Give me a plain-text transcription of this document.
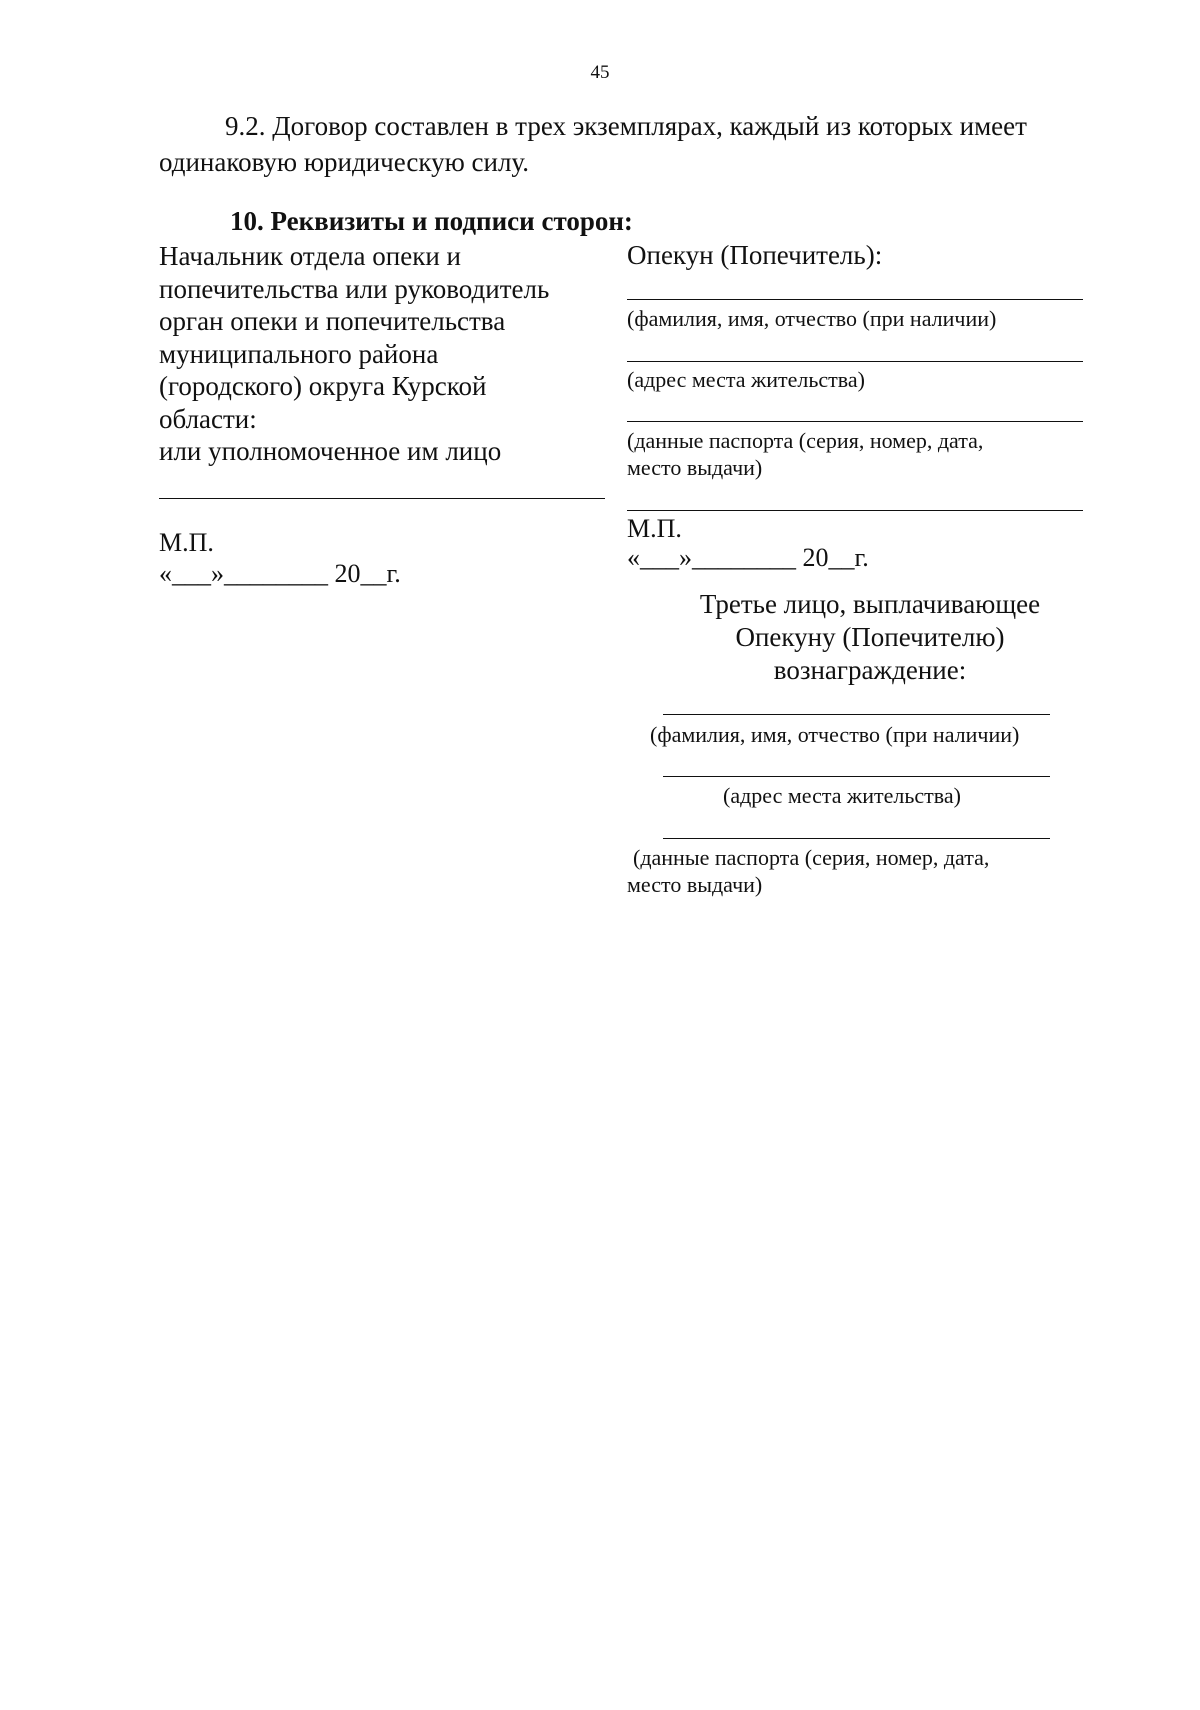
45
9.2. Договор составлен в трех экземплярах, каждый из которых имеет
одинаковую юридическую силу.
10. Реквизиты и подписи сторон:
Начальник отдела опеки и
попечительства или руководитель
орган опеки и попечительства
муниципального района
(городского) округа Курской
области:
или уполномоченное им лицо
М.П.
«___»________ 20__г.
Опекун (Попечитель):
(фамилия, имя, отчество (при наличии)
(адрес места жительства)
(данные паспорта (серия, номер, дата,
место выдачи)
М.П.
«___»________ 20__г.
Третье лицо, выплачивающее
Опекуну (Попечителю)
вознаграждение:
(фамилия, имя, отчество (при наличии)
(адрес места жительства)
(данные паспорта (серия, номер, дата,
место выдачи)
